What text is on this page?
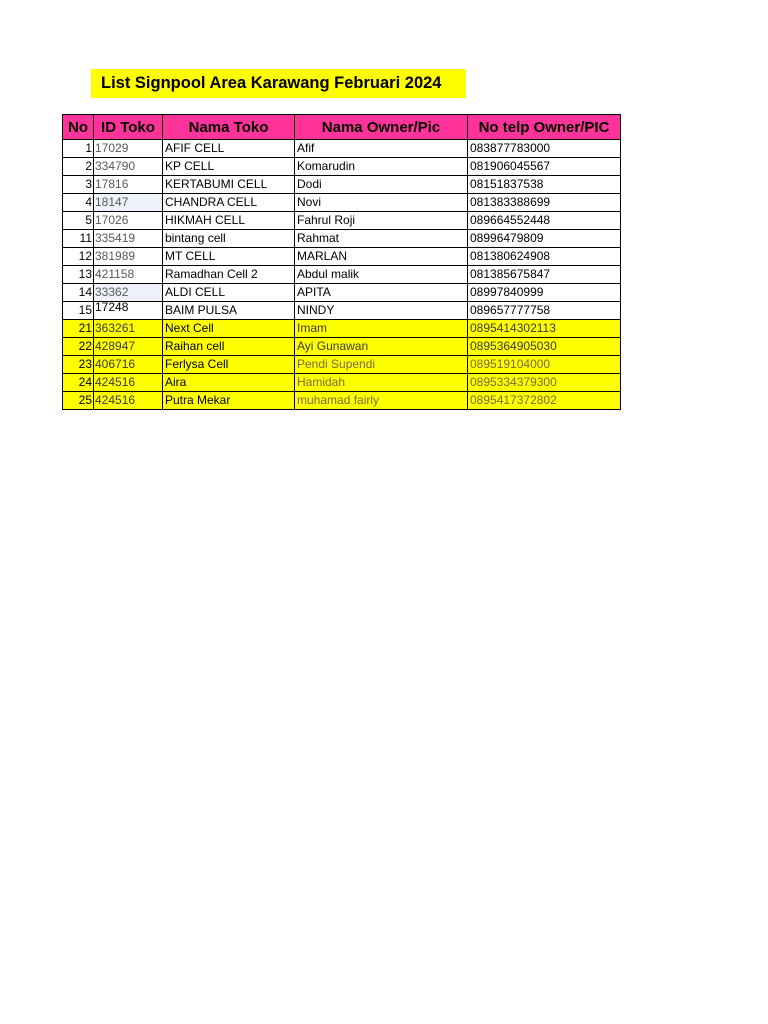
List Signpool Area Karawang Februari 2024
No	ID Toko	Nama Toko	Nama Owner/Pic	No telp Owner/PIC
1	17029	AFIF CELL	Afif	083877783000
2	334790	KP CELL	Komarudin	081906045567
3	17816	KERTABUMI CELL	Dodi	08151837538
4	18147	CHANDRA CELL	Novi	081383388699
5	17026	HIKMAH CELL	Fahrul Roji	089664552448
11	335419	bintang cell	Rahmat	08996479809
12	381989	MT CELL	MARLAN	081380624908
13	421158	Ramadhan Cell 2	Abdul malik	081385675847
14	33362	ALDI CELL	APITA	08997840999
15	17248	BAIM PULSA	NINDY	089657777758
21	363261	Next Cell	Imam	0895414302113
22	428947	Raihan cell	Ayi Gunawan	0895364905030
23	406716	Ferlysa Cell	Pendi Supendi	089519104000
24	424516	Aira	Hamidah	0895334379300
25	424516	Putra Mekar	muhamad fairly	0895417372802
